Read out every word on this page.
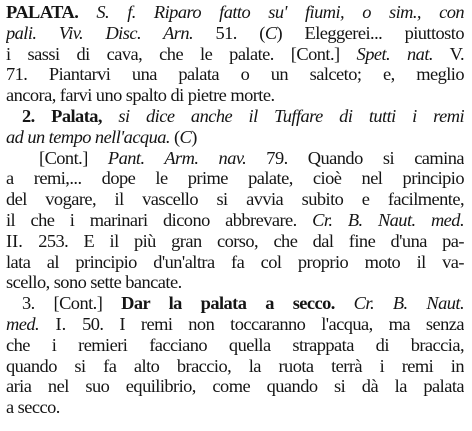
PALATA. S. f. Riparo fatto su' fiumi, o sim., con
pali. Viv. Disc. Arn. 51. (C) Eleggerei... piuttosto
i sassi di cava, che le palate. [Cont.] Spet. nat. V.
71. Piantarvi una palata o un salceto; e, meglio
ancora, farvi uno spalto di pietre morte.
2. Palata, si dice anche il Tuffare di tutti i remi
ad un tempo nell'acqua. (C)
[Cont.] Pant. Arm. nav. 79. Quando si camina
a remi,... dope le prime palate, cioè nel principio
del vogare, il vascello si avvia subito e facilmente,
il che i marinari dicono abbrevare. Cr. B. Naut. med.
II. 253. E il più gran corso, che dal fine d'una pa-
lata al principio d'un'altra fa col proprio moto il va-
scello, sono sette bancate.
3. [Cont.] Dar la palata a secco. Cr. B. Naut.
med. I. 50. I remi non toccaranno l'acqua, ma senza
che i remieri facciano quella strappata di braccia,
quando si fa alto braccio, la ruota terrà i remi in
aria nel suo equilibrio, come quando si dà la palata
a secco.
